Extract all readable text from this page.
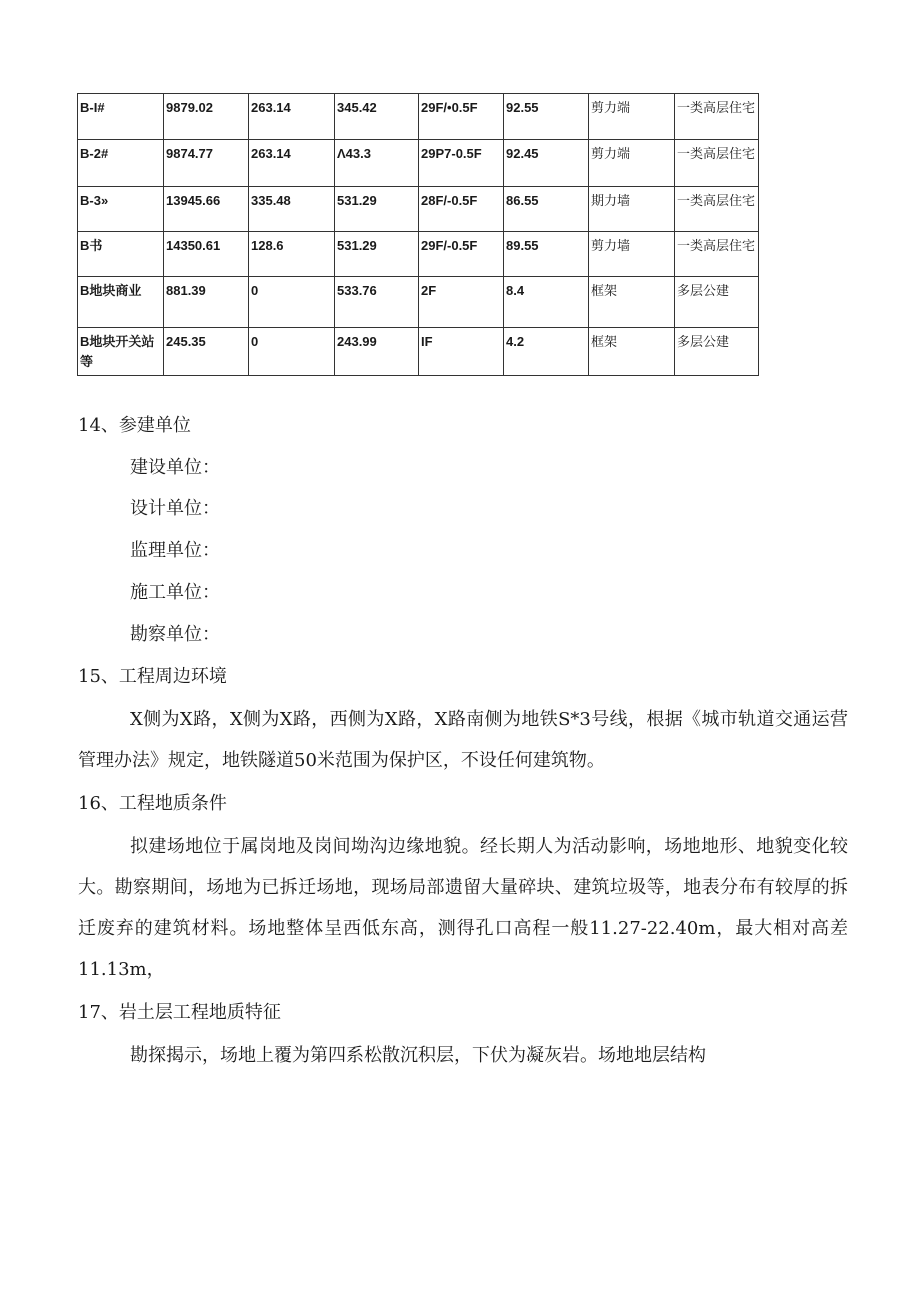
B-I#	9879.02	263.14	345.42	29F/•0.5F	92.55	剪力端	一类高层住宅
B-2#	9874.77	263.14	Λ43.3	29P7-0.5F	92.45	剪力端	一类高层住宅
B-3»	13945.66	335.48	531.29	28F/-0.5F	86.55	期力墙	一类高层住宅
B书	14350.61	128.6	531.29	29F/-0.5F	89.55	剪力墙	一类高层住宅
B地块商业	881.39	0	533.76	2F	8.4	框架	多层公建
B地块开关站等	245.35	0	243.99	IF	4.2	框架	多层公建
14、参建单位
建设单位：
设计单位：
监理单位：
施工单位：
勘察单位：
15、工程周边环境
X侧为X路，X侧为X路，西侧为X路，X路南侧为地铁S*3号线，根据《城市轨道交通运营管理办法》规定，地铁隧道50米范围为保护区，不设任何建筑物。
16、工程地质条件
拟建场地位于属岗地及岗间坳沟边缘地貌。经长期人为活动影响，场地地形、地貌变化较大。勘察期间，场地为已拆迁场地，现场局部遗留大量碎块、建筑垃圾等，地表分布有较厚的拆迁废弃的建筑材料。场地整体呈西低东高，测得孔口高程一般11.27-22.40m，最大相对高差11.13m，
17、岩土层工程地质特征
勘探揭示，场地上覆为第四系松散沉积层，下伏为凝灰岩。场地地层结构
